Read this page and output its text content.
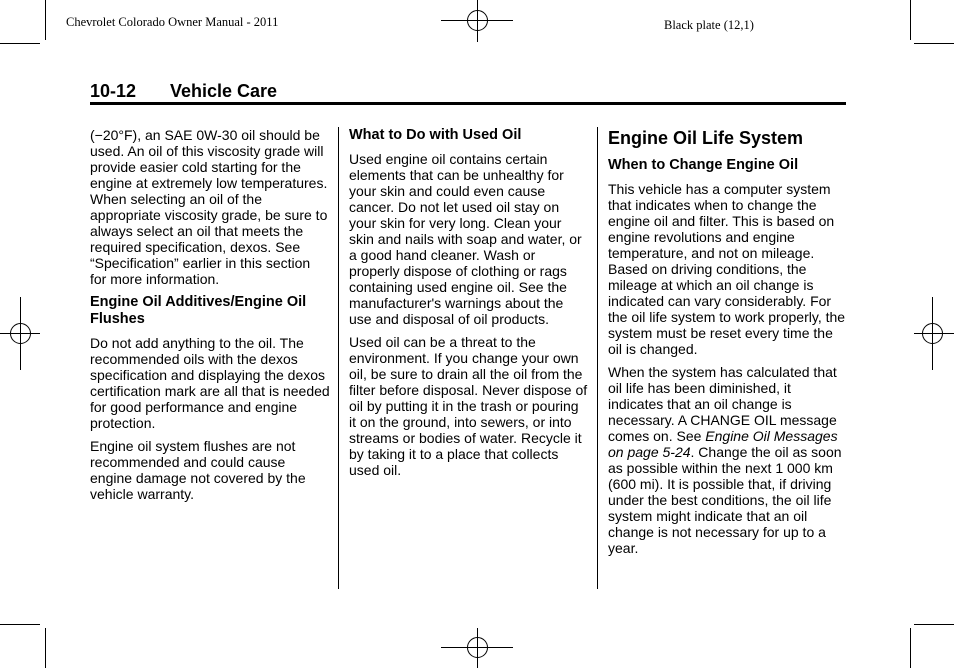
Chevrolet Colorado Owner Manual - 2011	Black plate (12,1)
10-12 Vehicle Care

(−20°F), an SAE 0W-30 oil should be used. An oil of this viscosity grade will provide easier cold starting for the engine at extremely low temperatures. When selecting an oil of the appropriate viscosity grade, be sure to always select an oil that meets the required specification, dexos. See “Specification” earlier in this section for more information.

Engine Oil Additives/Engine Oil Flushes

Do not add anything to the oil. The recommended oils with the dexos specification and displaying the dexos certification mark are all that is needed for good performance and engine protection.

Engine oil system flushes are not recommended and could cause engine damage not covered by the vehicle warranty.

What to Do with Used Oil

Used engine oil contains certain elements that can be unhealthy for your skin and could even cause cancer. Do not let used oil stay on your skin for very long. Clean your skin and nails with soap and water, or a good hand cleaner. Wash or properly dispose of clothing or rags containing used engine oil. See the manufacturer's warnings about the use and disposal of oil products.

Used oil can be a threat to the environment. If you change your own oil, be sure to drain all the oil from the filter before disposal. Never dispose of oil by putting it in the trash or pouring it on the ground, into sewers, or into streams or bodies of water. Recycle it by taking it to a place that collects used oil.

Engine Oil Life System
When to Change Engine Oil

This vehicle has a computer system that indicates when to change the engine oil and filter. This is based on engine revolutions and engine temperature, and not on mileage. Based on driving conditions, the mileage at which an oil change is indicated can vary considerably. For the oil life system to work properly, the system must be reset every time the oil is changed.

When the system has calculated that oil life has been diminished, it indicates that an oil change is necessary. A CHANGE OIL message comes on. See Engine Oil Messages on page 5-24. Change the oil as soon as possible within the next 1 000 km (600 mi). It is possible that, if driving under the best conditions, the oil life system might indicate that an oil change is not necessary for up to a year.
